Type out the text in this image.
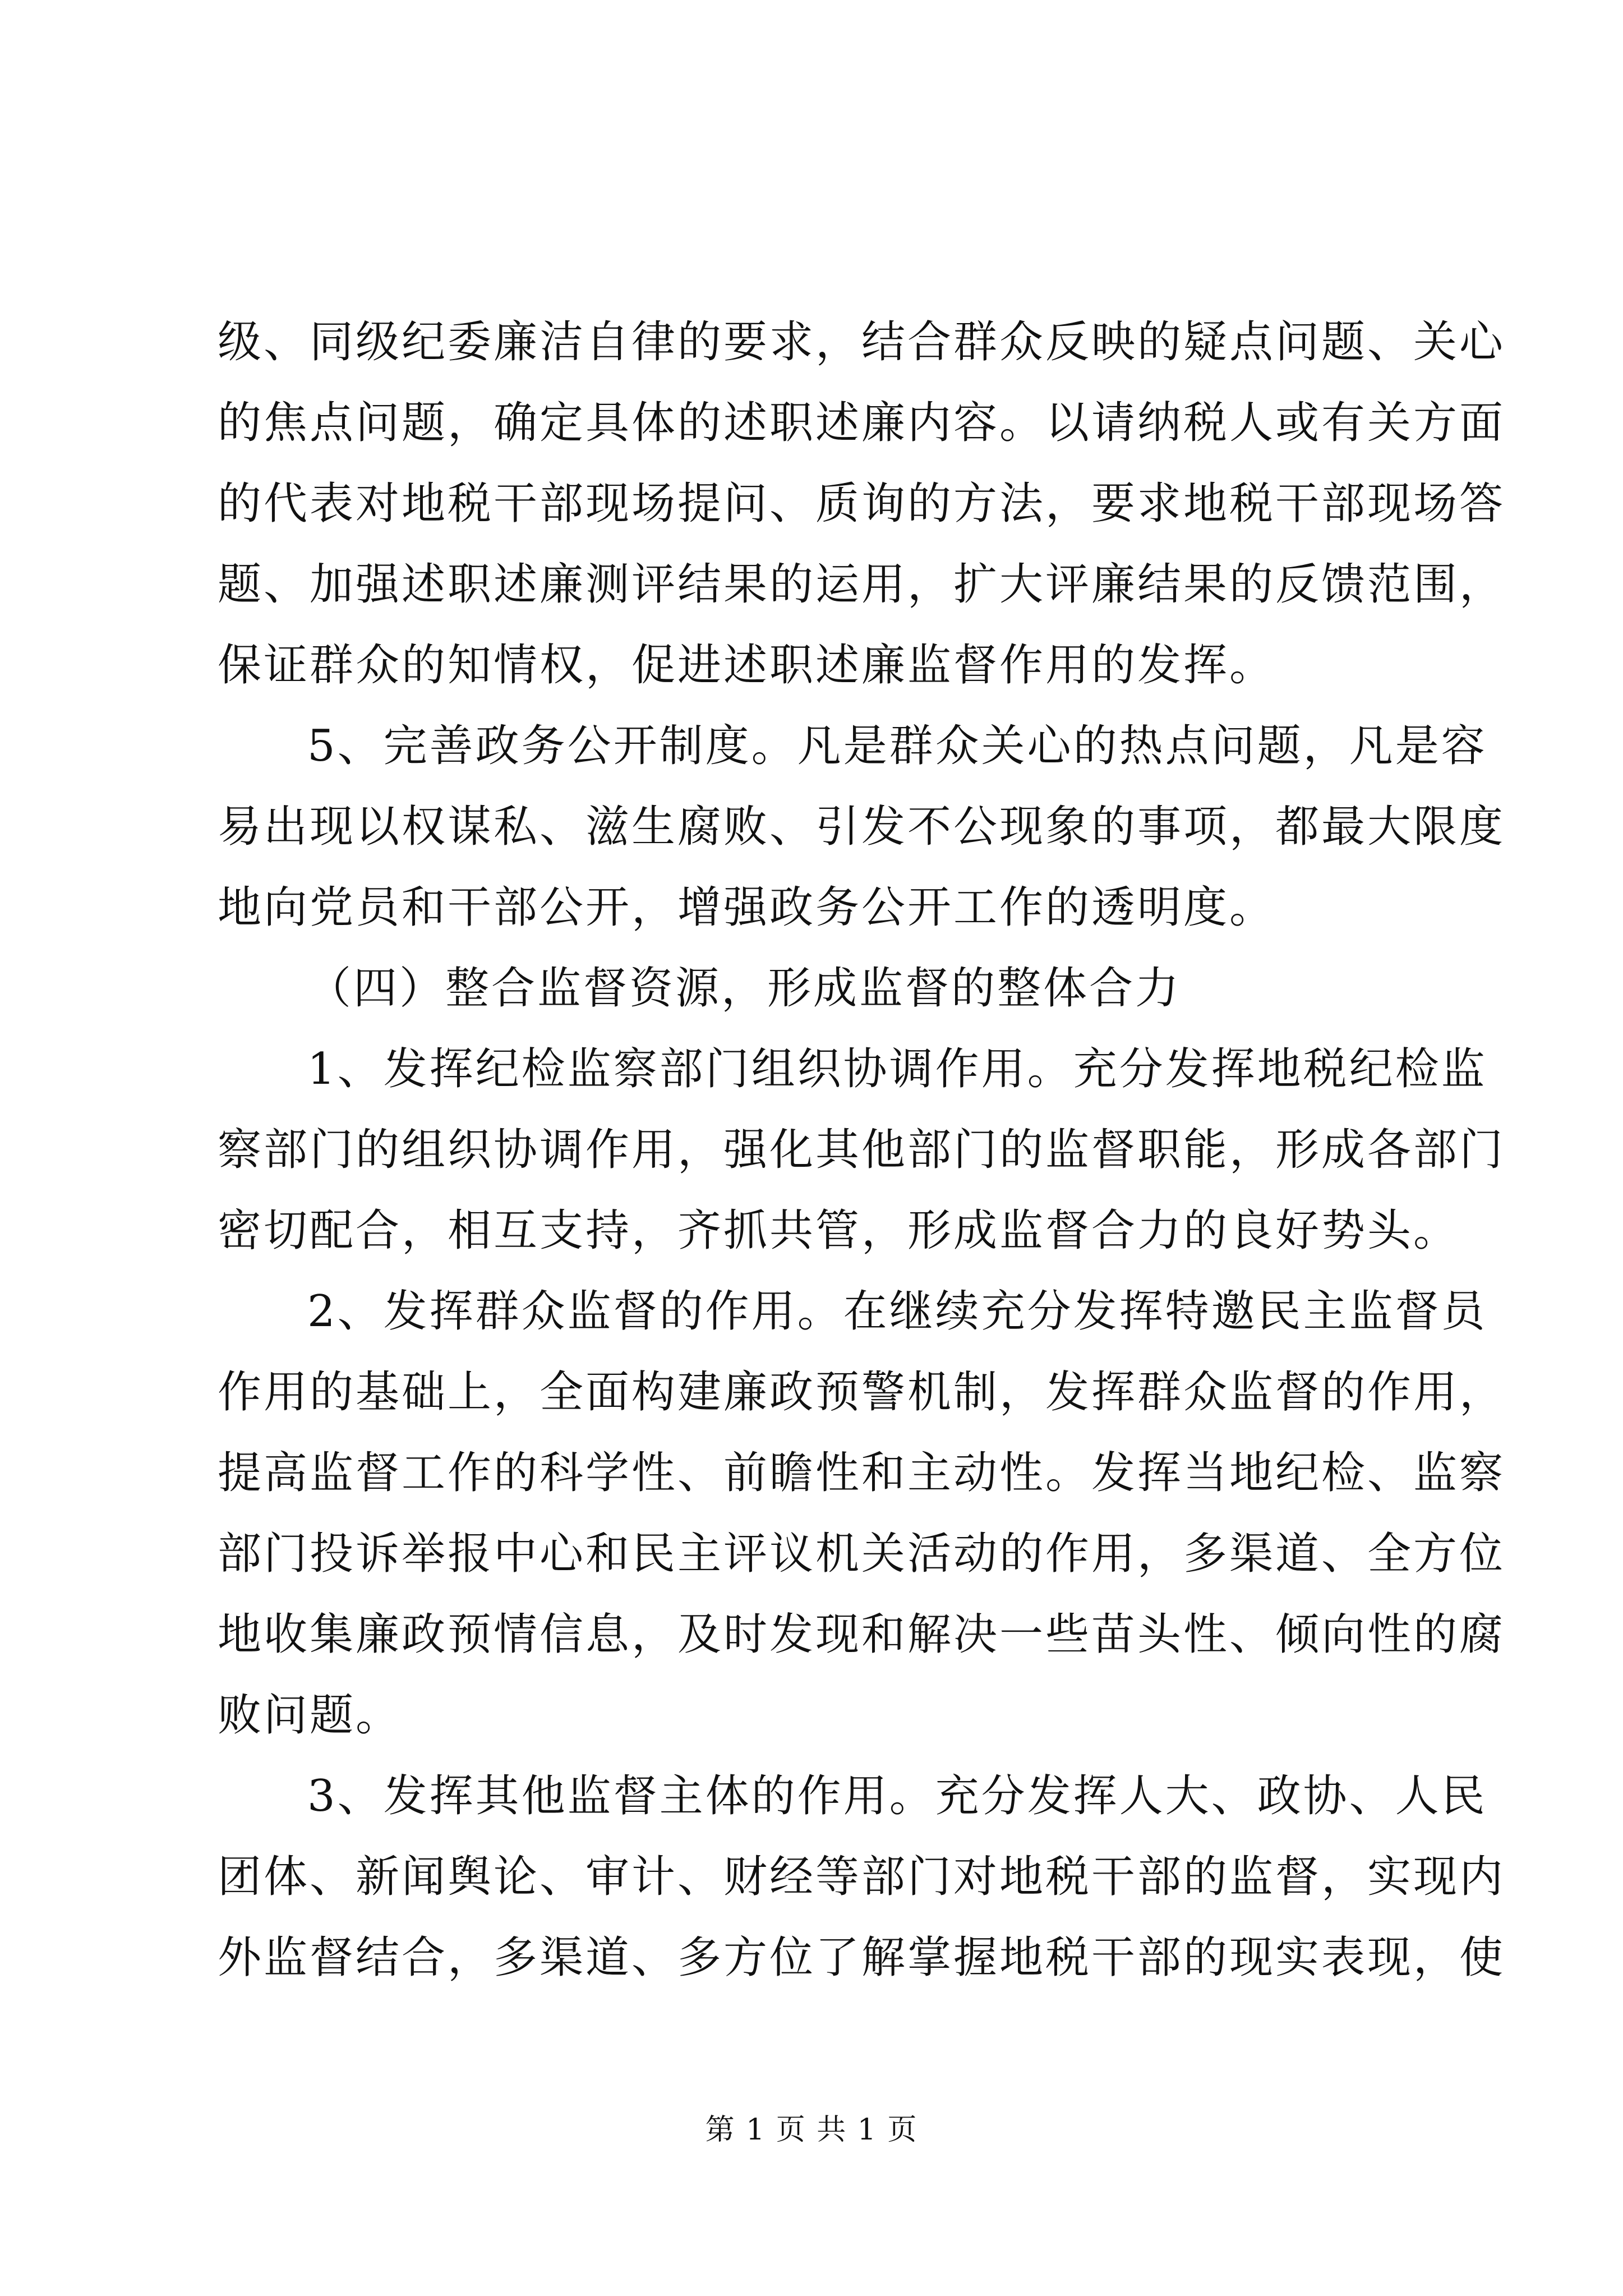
级、同级纪委廉洁自律的要求，结合群众反映的疑点问题、关心
的焦点问题，确定具体的述职述廉内容。以请纳税人或有关方面
的代表对地税干部现场提问、质询的方法，要求地税干部现场答
题、加强述职述廉测评结果的运用，扩大评廉结果的反馈范围，
保证群众的知情权，促进述职述廉监督作用的发挥。
5、完善政务公开制度。凡是群众关心的热点问题，凡是容
易出现以权谋私、滋生腐败、引发不公现象的事项，都最大限度
地向党员和干部公开，增强政务公开工作的透明度。
（四）整合监督资源，形成监督的整体合力
1、发挥纪检监察部门组织协调作用。充分发挥地税纪检监
察部门的组织协调作用，强化其他部门的监督职能，形成各部门
密切配合，相互支持，齐抓共管，形成监督合力的良好势头。
2、发挥群众监督的作用。在继续充分发挥特邀民主监督员
作用的基础上，全面构建廉政预警机制，发挥群众监督的作用，
提高监督工作的科学性、前瞻性和主动性。发挥当地纪检、监察
部门投诉举报中心和民主评议机关活动的作用，多渠道、全方位
地收集廉政预情信息，及时发现和解决一些苗头性、倾向性的腐
败问题。
3、发挥其他监督主体的作用。充分发挥人大、政协、人民
团体、新闻舆论、审计、财经等部门对地税干部的监督，实现内
外监督结合，多渠道、多方位了解掌握地税干部的现实表现，使
第 1 页 共 1 页
